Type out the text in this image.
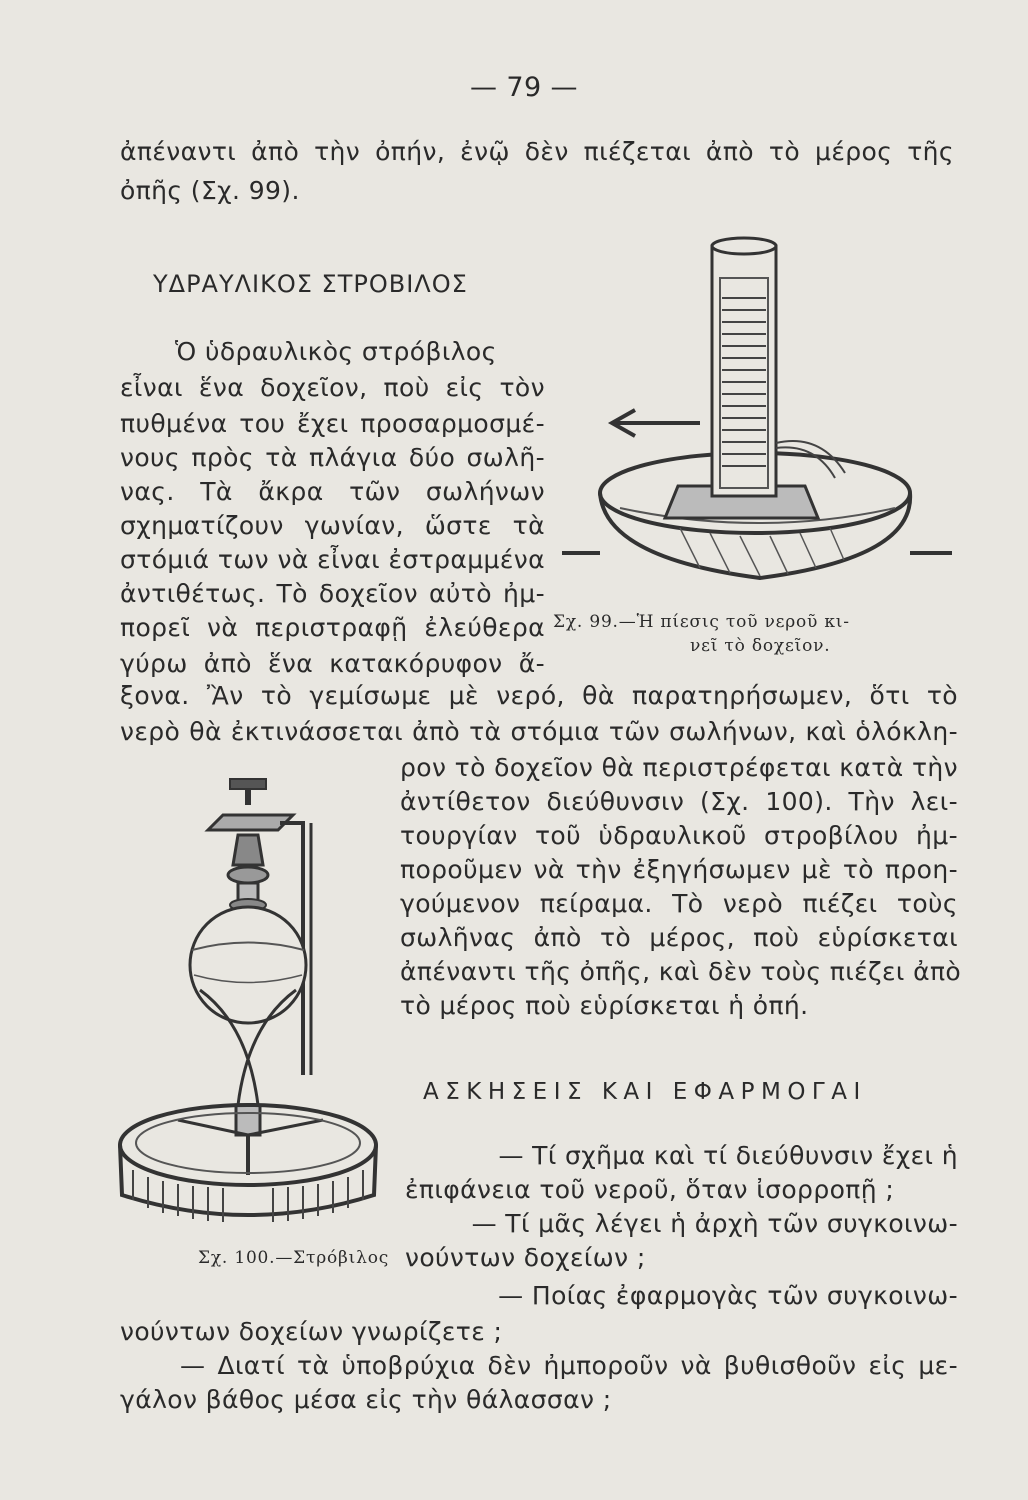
— 79 —
ἀπέναντι ἀπὸ τὴν ὀπήν, ἐνῷ δὲν πιέζεται ἀπὸ τὸ μέρος τῆς
ὀπῆς (Σχ. 99).
ΥΔΡΑΥΛΙΚΟΣ ΣΤΡΟΒΙΛΟΣ
Ὁ ὑδραυλικὸς στρόβιλος
εἶναι ἕνα δοχεῖον, ποὺ εἰς τὸν
πυθμένα του ἔχει προσαρμοσμέ-
νους πρὸς τὰ πλάγια δύο σωλῆ-
νας. Τὰ ἄκρα τῶν σωλήνων
σχηματίζουν γωνίαν, ὥστε τὰ
στόμιά των νὰ εἶναι ἐστραμμένα
ἀντιθέτως. Τὸ δοχεῖον αὐτὸ ἠμ-
πορεῖ νὰ περιστραφῇ ἐλεύθερα
γύρω ἀπὸ ἕνα κατακόρυφον ἄ-
Σχ. 99.—Ἡ πίεσις τοῦ νεροῦ κι-
νεῖ τὸ δοχεῖον.
ξονα. Ἂν τὸ γεμίσωμε μὲ νερό, θὰ παρατηρήσωμεν, ὅτι τὸ
νερὸ θὰ ἐκτινάσσεται ἀπὸ τὰ στόμια τῶν σωλήνων, καὶ ὁλόκλη-
ρον τὸ δοχεῖον θὰ περιστρέφεται κατὰ τὴν
ἀντίθετον διεύθυνσιν (Σχ. 100). Τὴν λει-
τουργίαν τοῦ ὑδραυλικοῦ στροβίλου ἠμ-
ποροῦμεν νὰ τὴν ἐξηγήσωμεν μὲ τὸ προη-
γούμενον πείραμα. Τὸ νερὸ πιέζει τοὺς
σωλῆνας ἀπὸ τὸ μέρος, ποὺ εὑρίσκεται
ἀπέναντι τῆς ὀπῆς, καὶ δὲν τοὺς πιέζει ἀπὸ
τὸ μέρος ποὺ εὑρίσκεται ἡ ὀπή.
ΑΣΚΗΣΕΙΣ ΚΑΙ ΕΦΑΡΜΟΓΑΙ
— Τί σχῆμα καὶ τί διεύθυνσιν ἔχει ἡ
ἐπιφάνεια τοῦ νεροῦ, ὅταν ἰσορροπῇ ;
— Τί μᾶς λέγει ἡ ἀρχὴ τῶν συγκοινω-
Σχ. 100.—Στρόβιλος νούντων δοχείων ;
— Ποίας ἐφαρμογὰς τῶν συγκοινω-
νούντων δοχείων γνωρίζετε ;
— Διατί τὰ ὑποβρύχια δὲν ἠμποροῦν νὰ βυθισθοῦν εἰς με-
γάλον βάθος μέσα εἰς τὴν θάλασσαν ;
